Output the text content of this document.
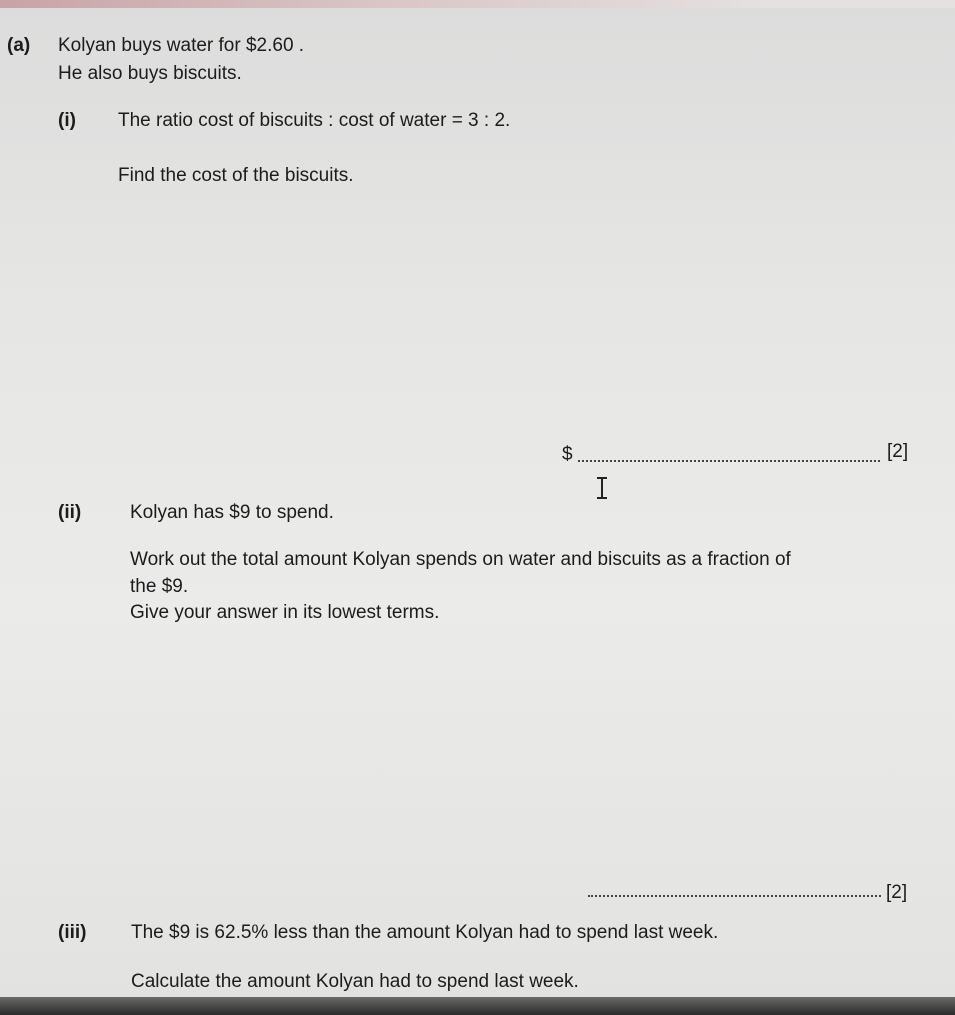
(a) Kolyan buys water for $2.60 .
He also buys biscuits.
(i) The ratio cost of biscuits : cost of water = 3 : 2.
Find the cost of the biscuits.
$	[2]
(ii)	Kolyan has $9 to spend.
Work out the total amount Kolyan spends on water and biscuits as a fraction of
the $9.
Give your answer in its lowest terms.
[2]
(iii) The $9 is 62.5% less than the amount Kolyan had to spend last week.
Calculate the amount Kolyan had to spend last week.
